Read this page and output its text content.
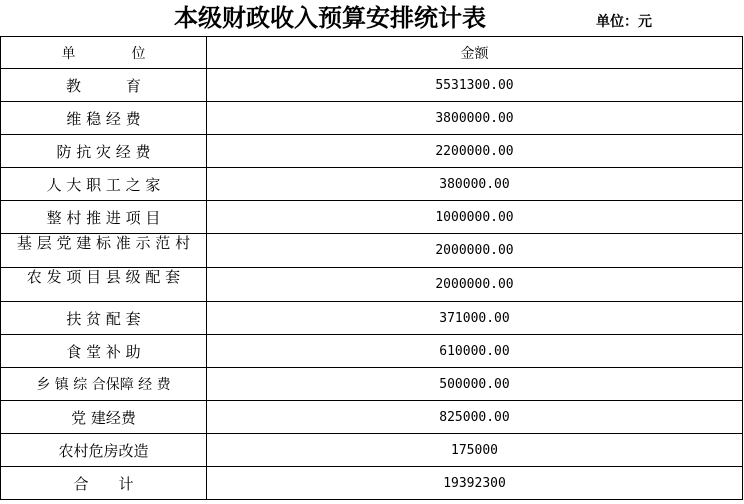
本级财政收入预算安排统计表	单位：元
单　　　　位	金额
教　　　育	5531300.00
维 稳 经 费	3800000.00
防 抗 灾 经 费	2200000.00
人 大 职 工 之 家	380000.00
整 村 推 进 项 目	1000000.00

基 层 党 建 标 准 示 范 村	2000000.00

农 发 项 目 县 级 配 套	2000000.00
扶 贫 配 套	371000.00
食 堂 补 助	610000.00
乡 镇 综 合保障 经 费	500000.00
党 建经费	825000.00
农村危房改造	175000
合　　计	19392300
